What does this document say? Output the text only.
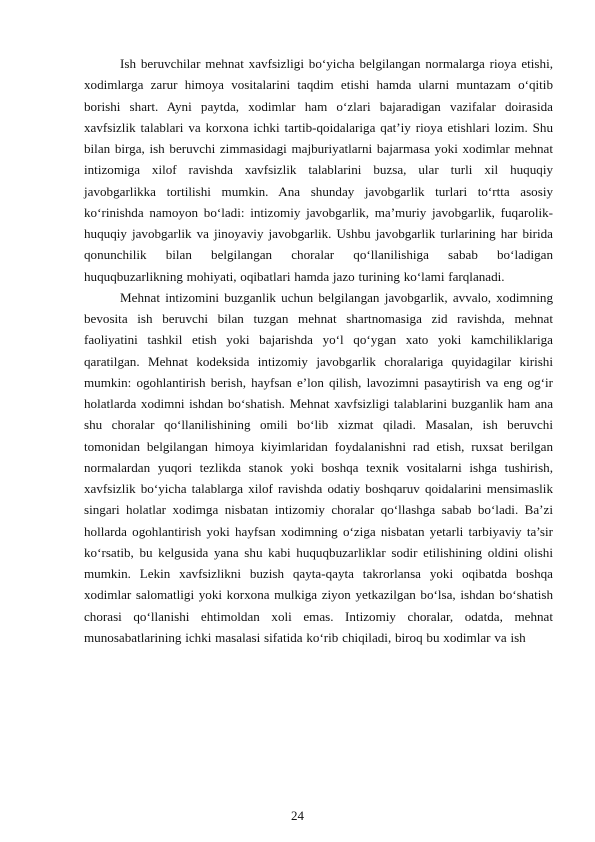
Ish beruvchilar mehnat xavfsizligi bo‘yicha belgilangan normalarga rioya etishi, xodimlarga zarur himoya vositalarini taqdim etishi hamda ularni muntazam o‘qitib borishi shart. Ayni paytda, xodimlar ham o‘zlari bajaradigan vazifalar doirasida xavfsizlik talablari va korxona ichki tartib-qoidalariga qat’iy rioya etishlari lozim. Shu bilan birga, ish beruvchi zimmasidagi majburiyatlarni bajarmasa yoki xodimlar mehnat intizomiga xilof ravishda xavfsizlik talablarini buzsa, ular turli xil huquqiy javobgarlikka tortilishi mumkin. Ana shunday javobgarlik turlari to‘rtta asosiy ko‘rinishda namoyon bo‘ladi: intizomiy javobgarlik, ma’muriy javobgarlik, fuqarolik-huquqiy javobgarlik va jinoyaviy javobgarlik. Ushbu javobgarlik turlarining har birida qonunchilik bilan belgilangan choralar qo‘llanilishiga sabab bo‘ladigan huquqbuzarlikning mohiyati, oqibatlari hamda jazo turining ko‘lami farqlanadi.

Mehnat intizomini buzganlik uchun belgilangan javobgarlik, avvalo, xodimning bevosita ish beruvchi bilan tuzgan mehnat shartnomasiga zid ravishda, mehnat faoliyatini tashkil etish yoki bajarishda yo‘l qo‘ygan xato yoki kamchiliklariga qaratilgan. Mehnat kodeksida intizomiy javobgarlik choralariga quyidagilar kirishi mumkin: ogohlantirish berish, hayfsan e’lon qilish, lavozimni pasaytirish va eng og‘ir holatlarda xodimni ishdan bo‘shatish. Mehnat xavfsizligi talablarini buzganlik ham ana shu choralar qo‘llanilishining omili bo‘lib xizmat qiladi. Masalan, ish beruvchi tomonidan belgilangan himoya kiyimlaridan foydalanishni rad etish, ruxsat berilgan normalardan yuqori tezlikda stanok yoki boshqa texnik vositalarni ishga tushirish, xavfsizlik bo‘yicha talablarga xilof ravishda odatiy boshqaruv qoidalarini mensimaslik singari holatlar xodimga nisbatan intizomiy choralar qo‘llashga sabab bo‘ladi. Ba’zi hollarda ogohlantirish yoki hayfsan xodimning o‘ziga nisbatan yetarli tarbiyaviy ta’sir ko‘rsatib, bu kelgusida yana shu kabi huquqbuzarliklar sodir etilishining oldini olishi mumkin. Lekin xavfsizlikni buzish qayta-qayta takrorlansa yoki oqibatda boshqa xodimlar salomatligi yoki korxona mulkiga ziyon yetkazilgan bo‘lsa, ishdan bo‘shatish chorasi qo‘llanishi ehtimoldan xoli emas. Intizomiy choralar, odatda, mehnat munosabatlarining ichki masalasi sifatida ko‘rib chiqiladi, biroq bu xodimlar va ish

24
